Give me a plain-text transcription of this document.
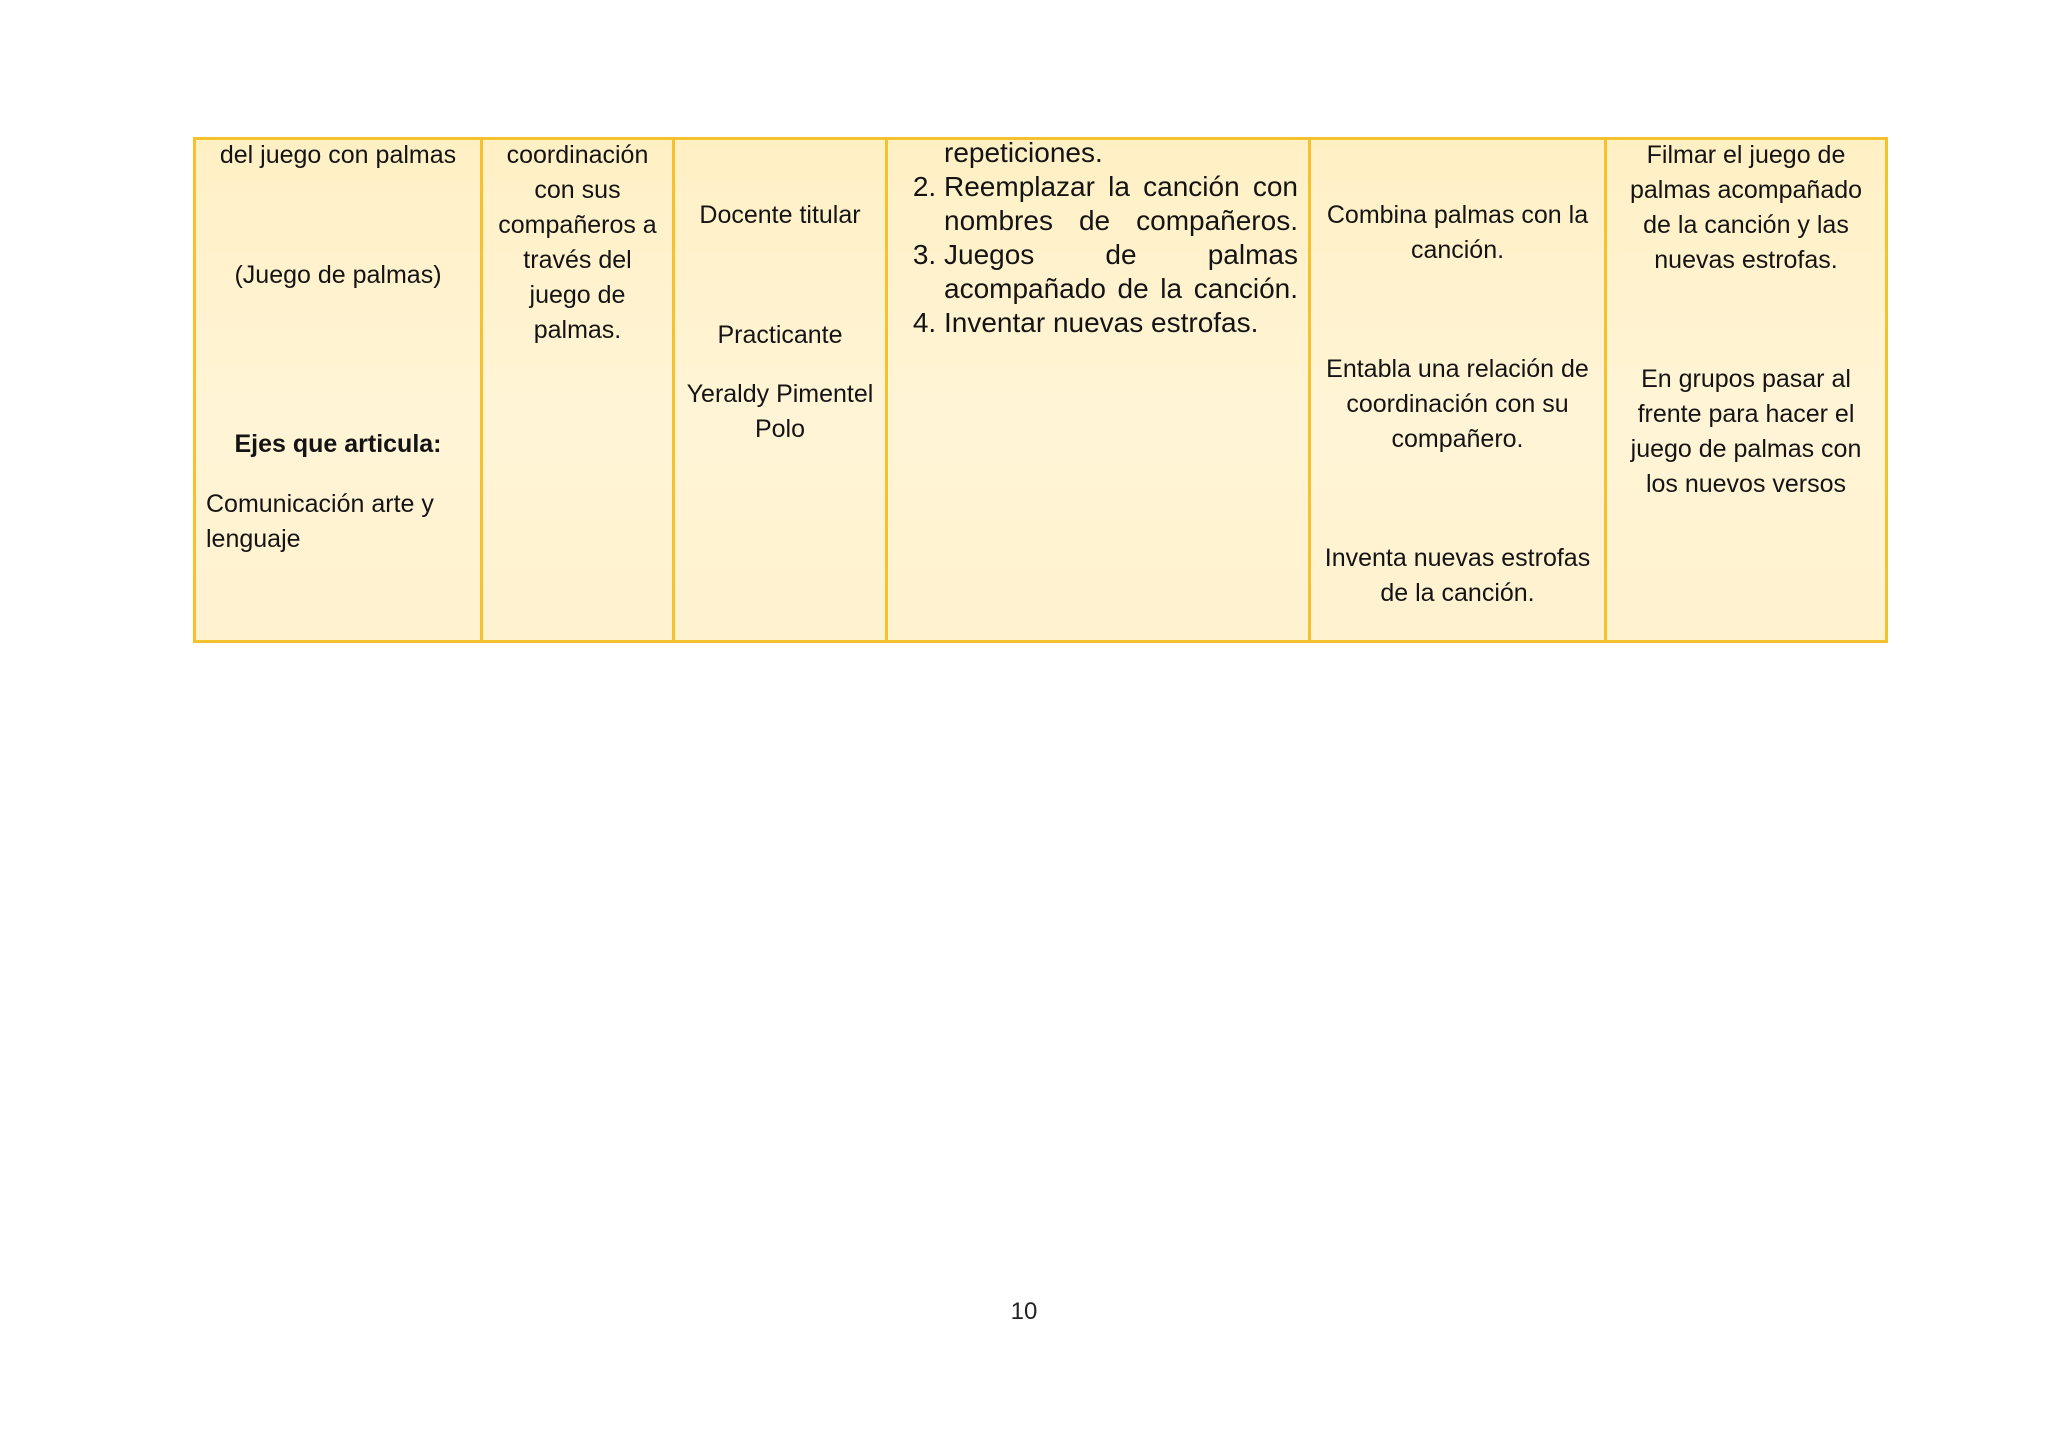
del juego con palmas
(Juego de palmas)
Ejes que articula:
Comunicación arte y lenguaje

coordinación con sus compañeros a través del juego de palmas.

Docente titular
Practicante
Yeraldy Pimentel Polo

repeticiones.
2. Reemplazar la canción con nombres de compañeros.
3. Juegos de palmas acompañado de la canción.
4. Inventar nuevas estrofas.

Combina palmas con la canción.
Entabla una relación de coordinación con su compañero.
Inventa nuevas estrofas de la canción.

Filmar el juego de palmas acompañado de la canción y las nuevas estrofas.
En grupos pasar al frente para hacer el juego de palmas con los nuevos versos
10
